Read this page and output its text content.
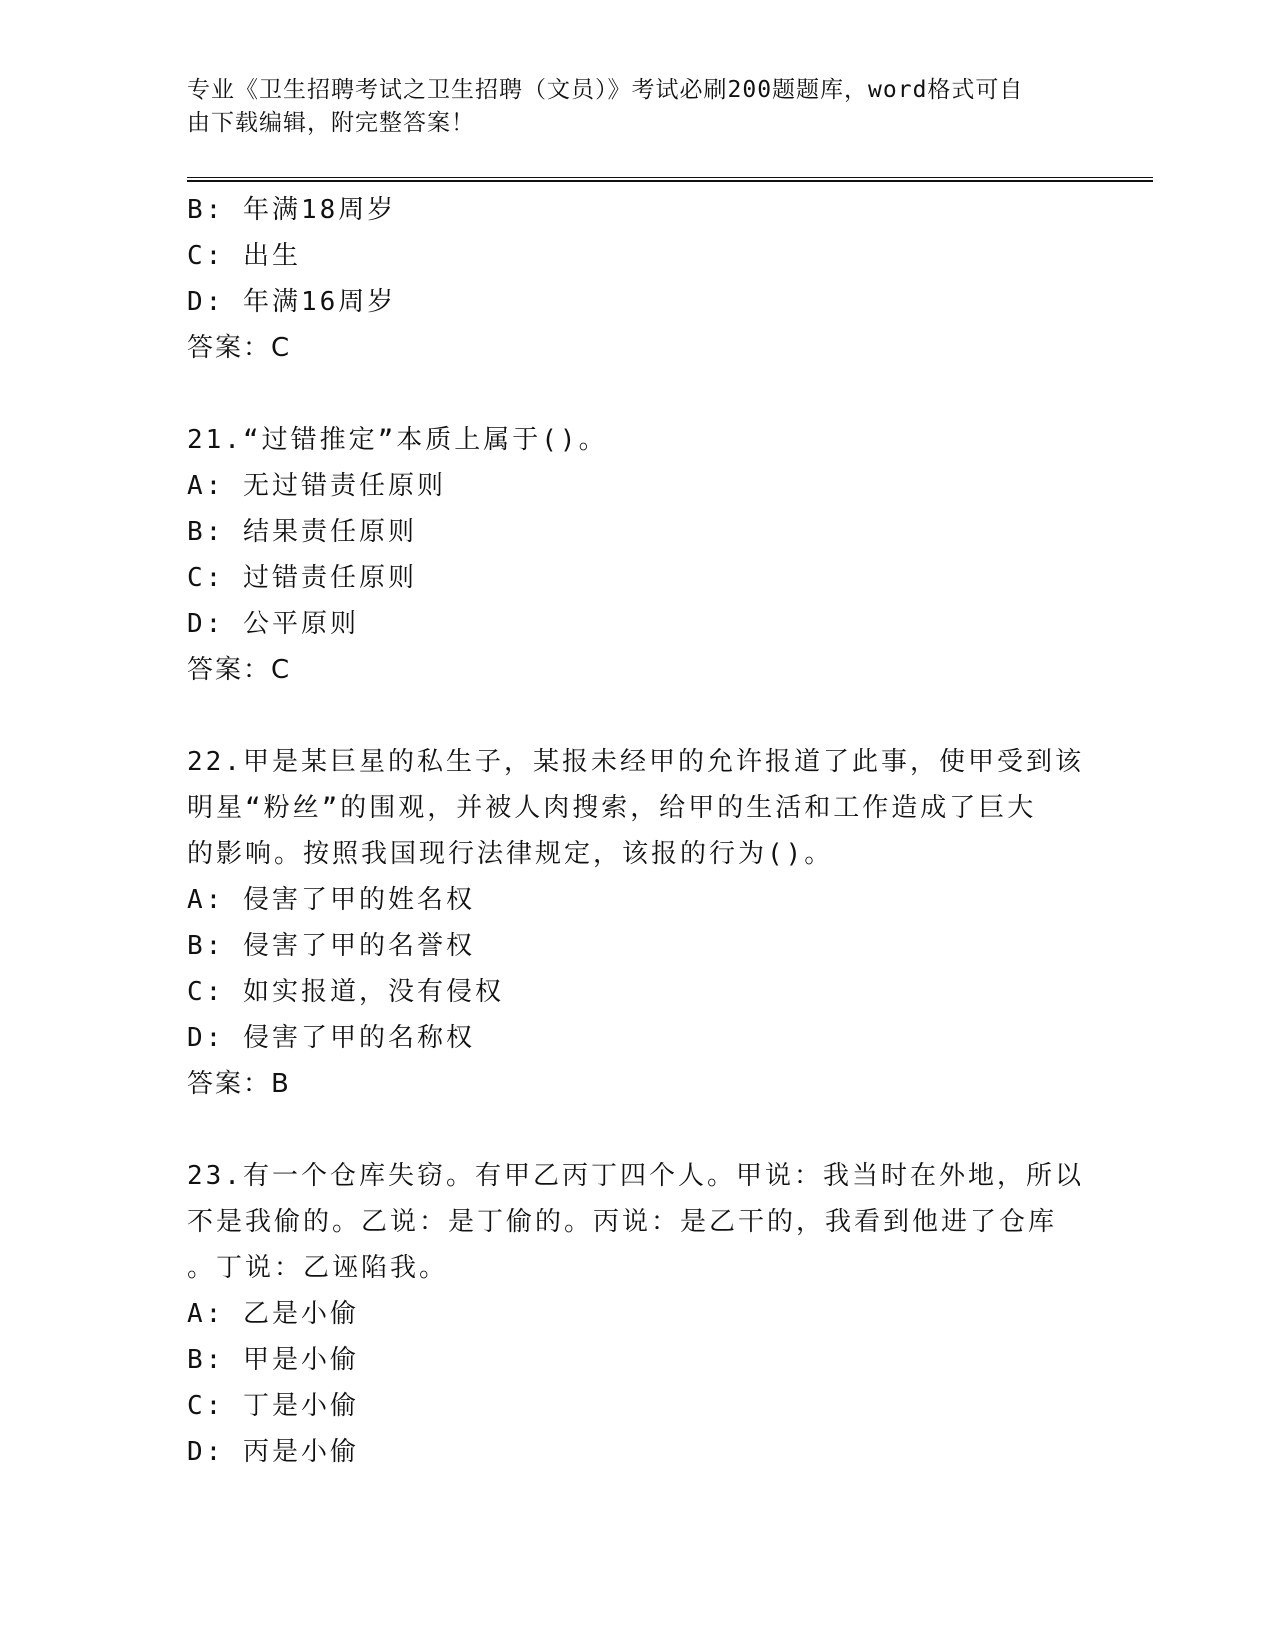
专业《卫生招聘考试之卫生招聘（文员）》考试必刷200题题库，word格式可自
由下载编辑，附完整答案！
B: 年满18周岁
C: 出生
D: 年满16周岁
答案：C
21.“过错推定”本质上属于()。
A: 无过错责任原则
B: 结果责任原则
C: 过错责任原则
D: 公平原则
答案：C
22.甲是某巨星的私生子，某报未经甲的允许报道了此事，使甲受到该
明星“粉丝”的围观，并被人肉搜索，给甲的生活和工作造成了巨大
的影响。按照我国现行法律规定，该报的行为()。
A: 侵害了甲的姓名权
B: 侵害了甲的名誉权
C: 如实报道，没有侵权
D: 侵害了甲的名称权
答案：B
23.有一个仓库失窃。有甲乙丙丁四个人。甲说：我当时在外地，所以
不是我偷的。乙说：是丁偷的。丙说：是乙干的，我看到他进了仓库
。丁说：乙诬陷我。
A: 乙是小偷
B: 甲是小偷
C: 丁是小偷
D: 丙是小偷
